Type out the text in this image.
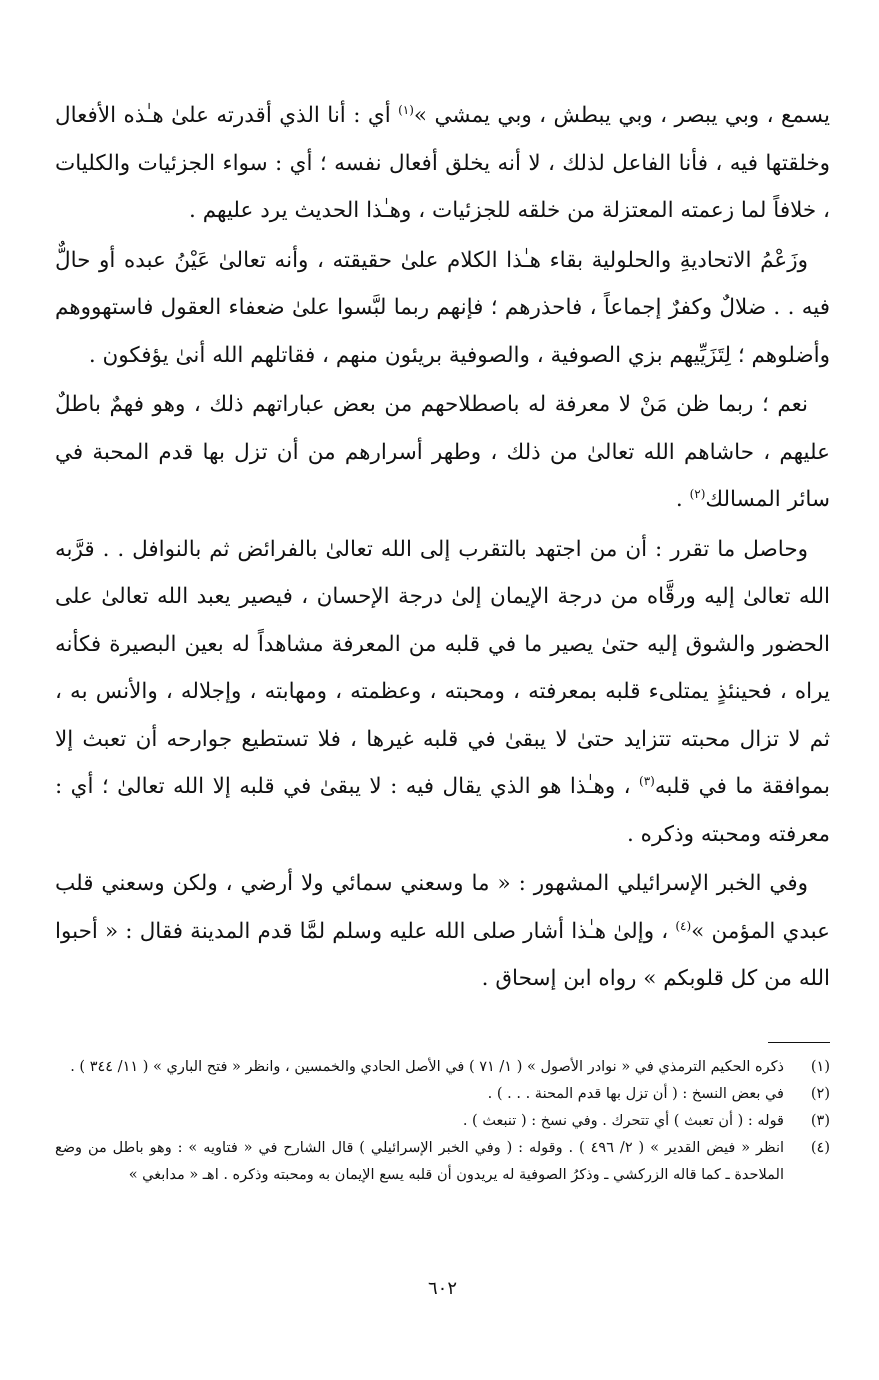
يسمع ، وبي يبصر ، وبي يبطش ، وبي يمشي »$^{(١)}$ أي : أنا الذي أقدرته علىٰ هـٰذه الأفعال وخلقتها فيه ، فأنا الفاعل لذلك ، لا أنه يخلق أفعال نفسه ؛ أي : سواء الجزئيات والكليات ، خلافاً لما زعمته المعتزلة من خلقه للجزئيات ، وهـٰذا الحديث يرد عليهم .

وزَعْمُ الاتحاديةِ والحلولية بقاء هـٰذا الكلام علىٰ حقيقته ، وأنه تعالىٰ عَيْنُ عبده أو حالٌّ فيه . . ضلالٌ وكفرٌ إجماعاً ، فاحذرهم ؛ فإنهم ربما لبَّسوا علىٰ ضعفاء العقول فاستهووهم وأضلوهم ؛ لِتَزَيِّيهم بزي الصوفية ، والصوفية بريئون منهم ، فقاتلهم الله أنىٰ يؤفكون .

نعم ؛ ربما ظن مَنْ لا معرفة له باصطلاحهم من بعض عباراتهم ذلك ، وهو فهمٌ باطلٌ عليهم ، حاشاهم الله تعالىٰ من ذلك ، وطهر أسرارهم من أن تزل بها قدم المحبة في سائر المسالك$^{(٢)}$ .

وحاصل ما تقرر : أن من اجتهد بالتقرب إلى الله تعالىٰ بالفرائض ثم بالنوافل . . قرَّبه الله تعالىٰ إليه ورقَّاه من درجة الإيمان إلىٰ درجة الإحسان ، فيصير يعبد الله تعالىٰ على الحضور والشوق إليه حتىٰ يصير ما في قلبه من المعرفة مشاهداً له بعين البصيرة فكأنه يراه ، فحينئذٍ يمتلىء قلبه بمعرفته ، ومحبته ، وعظمته ، ومهابته ، وإجلاله ، والأنس به ، ثم لا تزال محبته تتزايد حتىٰ لا يبقىٰ في قلبه غيرها ، فلا تستطيع جوارحه أن تعبث إلا بموافقة ما في قلبه$^{(٣)}$ ، وهـٰذا هو الذي يقال فيه : لا يبقىٰ في قلبه إلا الله تعالىٰ ؛ أي : معرفته ومحبته وذكره .

وفي الخبر الإسرائيلي المشهور : « ما وسعني سمائي ولا أرضي ، ولكن وسعني قلب عبدي المؤمن »$^{(٤)}$ ، وإلىٰ هـٰذا أشار صلى الله عليه وسلم لمَّا قدم المدينة فقال : « أحبوا الله من كل قلوبكم » رواه ابن إسحاق .

(١)
ذكره الحكيم الترمذي في « نوادر الأصول » ( ١/ ٧١ ) في الأصل الحادي والخمسين ، وانظر « فتح الباري » ( ١١/ ٣٤٤ ) .
(٢)
في بعض النسخ : ( أن تزل بها قدم المحنة . . . ) .
(٣)
قوله : ( أن تعبث ) أي تتحرك . وفي نسخ : ( تنبعث ) .
(٤)
انظر « فيض القدير » ( ٢/ ٤٩٦ ) . وقوله : ( وفي الخبر الإسرائيلي ) قال الشارح في « فتاويه » : وهو باطل من وضع الملاحدة ـ كما قاله الزركشي ـ وذكرُ الصوفية له يريدون أن قلبه يسع الإيمان به ومحبته وذكره . اهـ « مدابغي »
٦٠٢
